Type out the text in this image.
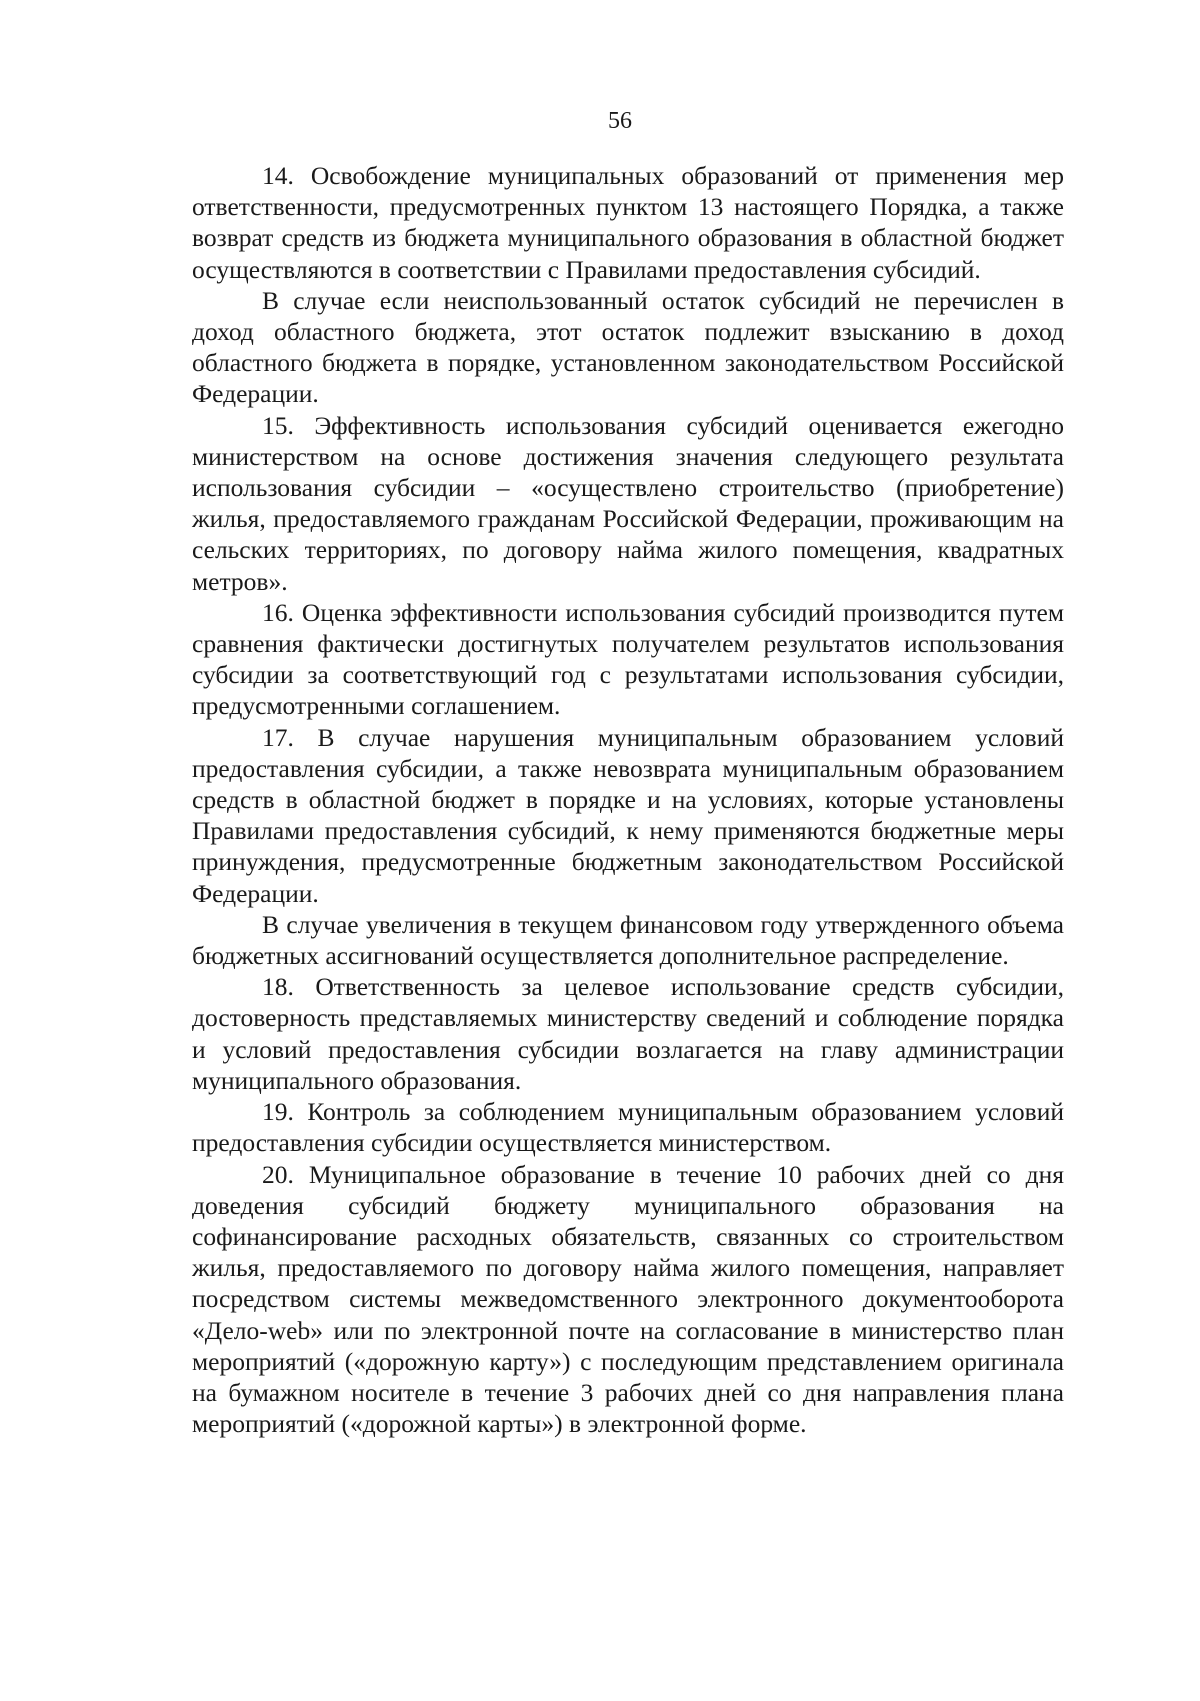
56

14. Освобождение муниципальных образований от применения мер ответственности, предусмотренных пунктом 13 настоящего Порядка, а также возврат средств из бюджета муниципального образования в областной бюджет осуществляются в соответствии с Правилами предоставления субсидий.

В случае если неиспользованный остаток субсидий не перечислен в доход областного бюджета, этот остаток подлежит взысканию в доход областного бюджета в порядке, установленном законодательством Российской Федерации.

15. Эффективность использования субсидий оценивается ежегодно министерством на основе достижения значения следующего результата использования субсидии – «осуществлено строительство (приобретение) жилья, предоставляемого гражданам Российской Федерации, проживающим на сельских территориях, по договору найма жилого помещения, квадратных метров».

16. Оценка эффективности использования субсидий производится путем сравнения фактически достигнутых получателем результатов использования субсидии за соответствующий год с результатами использования субсидии, предусмотренными соглашением.

17. В случае нарушения муниципальным образованием условий предоставления субсидии, а также невозврата муниципальным образованием средств в областной бюджет в порядке и на условиях, которые установлены Правилами предоставления субсидий, к нему применяются бюджетные меры принуждения, предусмотренные бюджетным законодательством Российской Федерации.

В случае увеличения в текущем финансовом году утвержденного объема бюджетных ассигнований осуществляется дополнительное распределение.

18. Ответственность за целевое использование средств субсидии, достоверность представляемых министерству сведений и соблюдение порядка и условий предоставления субсидии возлагается на главу администрации муниципального образования.

19. Контроль за соблюдением муниципальным образованием условий предоставления субсидии осуществляется министерством.

20. Муниципальное образование в течение 10 рабочих дней со дня доведения субсидий бюджету муниципального образования на софинансирование расходных обязательств, связанных со строительством жилья, предоставляемого по договору найма жилого помещения, направляет посредством системы межведомственного электронного документооборота «Дело-web» или по электронной почте на согласование в министерство план мероприятий («дорожную карту») с последующим представлением оригинала на бумажном носителе в течение 3 рабочих дней со дня направления плана мероприятий («дорожной карты») в электронной форме.
